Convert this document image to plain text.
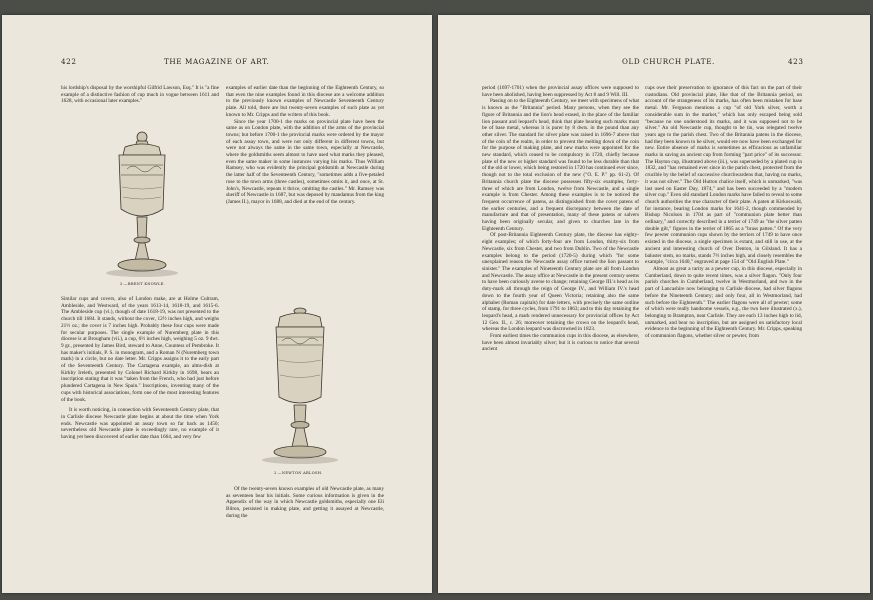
422	THE MAGAZINE OF ART.

his lordship's disposal by the worshipful Gilfrid Lawson, Esq." It is "a fine example of a distinctive fashion of cup much in vogue between 1611 and 1628, with occasional later examples."

3.—BRENT KNOWLE.

Similar cups and covers, also of London make, are at Holme Cultram, Ambleside, and Westward, of the years 1613-14, 1618-19, and 1615-6. The Ambleside cup (vi.), though of date 1618-19, was not presented to the church till 1684. It stands, without the cover, 12½ inches high, and weighs 21½ oz.; the cover is 7 inches high. Probably these four cups were made for secular purposes. The single example of Nuremberg plate in this diocese is at Brougham (vii.), a cup, 6½ inches high, weighing 5 oz. 9 dwt. 9 gr., presented by James Bird, steward to Anne, Countess of Pembroke. It has maker's initials, P. S. in monogram, and a Roman N (Nuremberg town mark) in a circle, but no date letter. Mr. Cripps assigns it to the early part of the Seventeenth Century. The Cartagena example, an alms-dish at Kirkby Ireleth, presented by Colonel Richard Kirkby in 1698, bears an inscription stating that it was "taken from the French, who had just before plundered Cartagena in New Spain." Inscriptions, inventing many of the cups with historical associations, form one of the most interesting features of the book.

It is worth noticing, in connection with Seventeenth Century plate, that in Carlisle diocese Newcastle plate begins at about the time when York ends. Newcastle was appointed an assay town so far back as 1450; nevertheless old Newcastle plate is exceedingly rare, no example of it having yet been discovered of earlier date than 1664, and very few

examples of earlier date than the beginning of the Eighteenth Century, so that even the nine examples found in this diocese are a welcome addition to the previously known examples of Newcastle Seventeenth Century plate. All told, there are but twenty-seven examples of such plate as yet known to Mr. Cripps and the writers of this book.

Since the year 1700-1 the marks on provincial plate have been the same as on London plate, with the addition of the arms of the provincial towns; but before 1700-1 the provincial marks were ordered by the mayor of each assay town, and were not only different in different towns, but were not always the same in the same town, especially at Newcastle, where the goldsmiths seem almost to have used what marks they pleased, even the same maker in some instances varying his marks. Thus William Ramsey, who was evidently the principal goldsmith at Newcastle during the latter half of the Seventeenth Century, "sometimes adds a five-petaled rose to the town arms (three castles), sometimes omits it, and once, at St. John's, Newcastle, repeats it thrice, omitting the castles." Mr. Ramsey was sheriff of Newcastle in 1687, but was deposed by mandamus from the king (James II.), mayor in 1688, and died at the end of the century.

2.—NEWTON ARLOSH.

Of the twenty-seven known examples of old Newcastle plate, as many as seventeen bear his initials. Some curious information is given in the Appendix of the way in which Newcastle goldsmiths, especially one Eli Bilton, persisted in making plate, and getting it assayed at Newcastle, during the

OLD CHURCH PLATE.	423

period (1697-1701) when the provincial assay offices were supposed to have been abolished, having been suppressed by Act 8 and 9 Will. III.

Passing on to the Eighteenth Century, we meet with specimens of what is known as the "Britannia" period. Many persons, when they see the figure of Britannia and the lion's head erased, in the place of the familiar lion passant and leopard's head, think that plate bearing such marks must be of base metal, whereas it is purer by 8 dwts. in the pound than any other silver. The standard for silver plate was raised in 1696-7 above that of the coin of the realm, in order to prevent the melting down of the coin for the purpose of making plate, and new marks were appointed for the new standard, which ceased to be compulsory in 1720, chiefly because plate of the new or higher standard was found to be less durable than that of the old or lower, which being restored in 1720 has continued ever since, though not to the total exclusion of the new ("O. E. P." pp. 61-2). Of Britannia church plate the diocese possesses fifty-six examples, forty-three of which are from London, twelve from Newcastle, and a single example is from Chester. Among these examples is to be noticed the frequent occurrence of patens, as distinguished from the cover patens of the earlier centuries, and a frequent discrepancy between the date of manufacture and that of presentation, many of these patens or salvers having been originally secular, and given to churches late in the Eighteenth Century.

Of post-Britannia Eighteenth Century plate, the diocese has eighty-eight examples; of which forty-four are from London, thirty-six from Newcastle, six from Chester, and two from Dublin. Two of the Newcastle examples belong to the period (1720-5) during which "for some unexplained reason the Newcastle assay office turned the lion passant to sinister." The examples of Nineteenth Century plate are all from London and Newcastle. The assay office at Newcastle in the present century seems to have been curiously averse to change; retaining George III.'s head as its duty-mark all through the reign of George IV., and William IV.'s head down to the fourth year of Queen Victoria; retaining also the same alphabet (Roman capitals) for date letters, with precisely the same outline of stamp, for three cycles, from 1791 to 1863; and to this day retaining the leopard's head, a mark rendered unnecessary for provincial offices by Act 12 Geo. II., c. 26; moreover retaining the crown on the leopard's head, whereas the London leopard was discrowned in 1823.

From earliest times the communion cups in this diocese, as elsewhere, have been almost invariably silver; but it is curious to notice that several ancient

cups owe their preservation to ignorance of this fact on the part of their custodians. Old provincial plate, like that of the Britannia period, on account of the strangeness of its marks, has often been mistaken for base metal. Mr. Ferguson mentions a cup "of old York silver, worth a considerable sum in the market," which has only escaped being sold "because no one understood its marks, and it was supposed not to be silver." An old Newcastle cup, thought to be tin, was relegated twelve years ago to the parish chest. Two of the Britannia patens in the diocese, had they been known to be silver, would ere now have been exchanged for new. Entire absence of marks is sometimes as efficacious as unfamiliar marks in saving an ancient cup from forming "part price" of its successor. The Hayton cup, illustrated above (iii.), was superseded by a plated cup in 1832, and "has remained ever since in the parish chest, protected from the crucible by the belief of successive churchwardens that, having no marks, it was not silver." The Old Hutton chalice itself, which is unmarked, "was last used on Easter Day, 1874," and has been succeeded by a "modern silver cup." Even old standard London marks have failed to reveal to some church authorities the true character of their plate. A paten at Kirkoswald, for instance, bearing London marks for 1641-2, though commended by Bishop Nicolson in 1704 as part of "communion plate better than ordinary," and correctly described in a terrier of 1749 as "the silver patten double gilt," figures in the terrier of 1865 as a "brass patten." Of the very few pewter communion cups shown by the terriers of 1749 to have once existed in the diocese, a single specimen is extant, and still in use, at the ancient and interesting church of Over Denton, in Gilsland. It has a baluster stem, no marks, stands 7½ inches high, and closely resembles the example, "circa 1640," engraved at page 154 of "Old English Plate."

Almost as great a rarity as a pewter cup, in this diocese, especially in Cumberland, down to quite recent times, was a silver flagon. "Only four parish churches in Cumberland, twelve in Westmorland, and two in the part of Lancashire now belonging to Carlisle diocese, had silver flagons before the Nineteenth Century; and only four, all in Westmorland, had such before the Eighteenth." The earlier flagons were all of pewter; some of which were really handsome vessels, e.g., the two here illustrated (x.), belonging to Brampton, near Carlisle. They are each 13 inches high to lid, unmarked, and bear no inscription, but are assigned on satisfactory local evidence to the beginning of the Eighteenth Century. Mr. Cripps, speaking of communion flagons, whether silver or pewter, from
